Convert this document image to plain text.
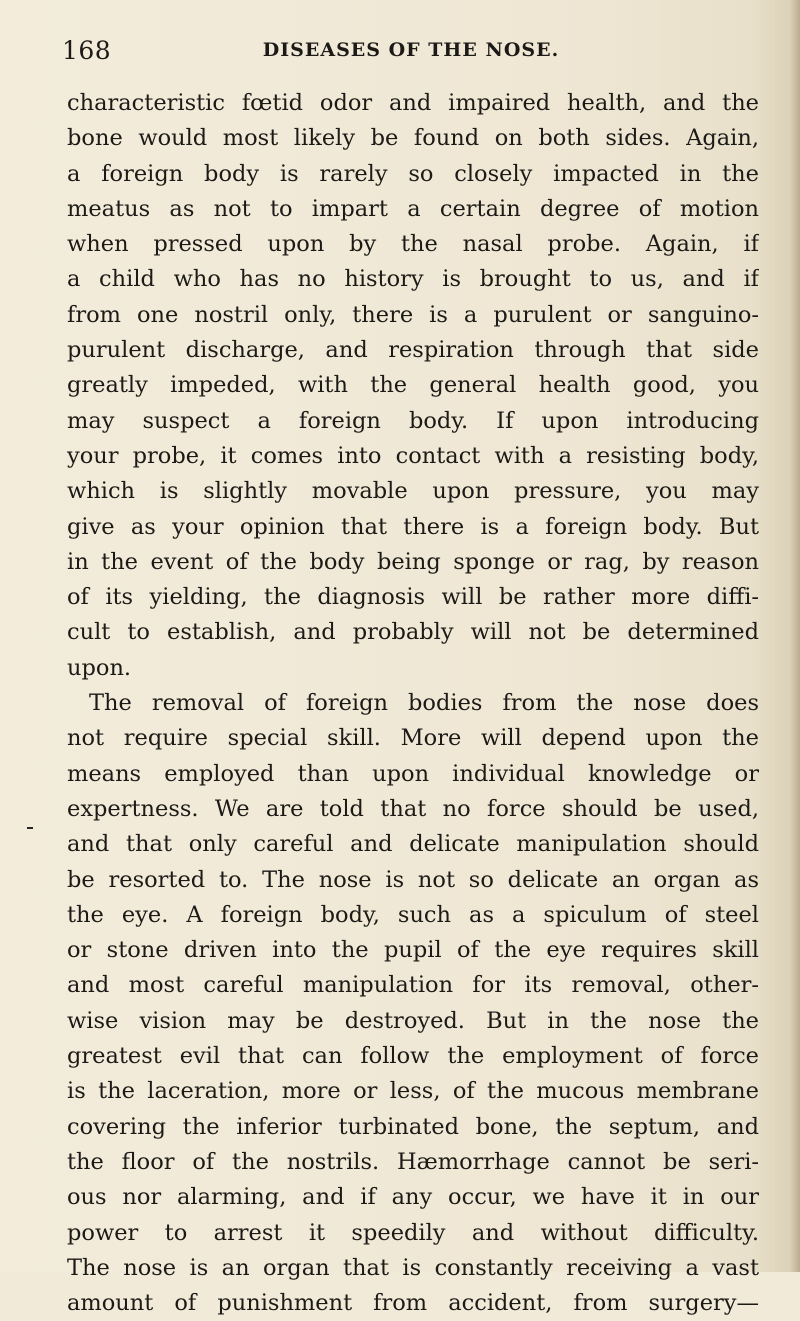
168	DISEASES OF THE NOSE.
characteristic fœtid odor and impaired health, and the
bone would most likely be found on both sides. Again,
a foreign body is rarely so closely impacted in the
meatus as not to impart a certain degree of motion
when pressed upon by the nasal probe. Again, if
a child who has no history is brought to us, and if
from one nostril only, there is a purulent or sanguino-
purulent discharge, and respiration through that side
greatly impeded, with the general health good, you
may suspect a foreign body. If upon introducing
your probe, it comes into contact with a resisting body,
which is slightly movable upon pressure, you may
give as your opinion that there is a foreign body. But
in the event of the body being sponge or rag, by reason
of its yielding, the diagnosis will be rather more diffi-
cult to establish, and probably will not be determined
upon.
The removal of foreign bodies from the nose does
not require special skill. More will depend upon the
means employed than upon individual knowledge or
expertness. We are told that no force should be used,
and that only careful and delicate manipulation should
be resorted to. The nose is not so delicate an organ as
the eye. A foreign body, such as a spiculum of steel
or stone driven into the pupil of the eye requires skill
and most careful manipulation for its removal, other-
wise vision may be destroyed. But in the nose the
greatest evil that can follow the employment of force
is the laceration, more or less, of the mucous membrane
covering the inferior turbinated bone, the septum, and
the floor of the nostrils. Hæmorrhage cannot be seri-
ous nor alarming, and if any occur, we have it in our
power to arrest it speedily and without difficulty.
The nose is an organ that is constantly receiving a vast
amount of punishment from accident, from surgery—
